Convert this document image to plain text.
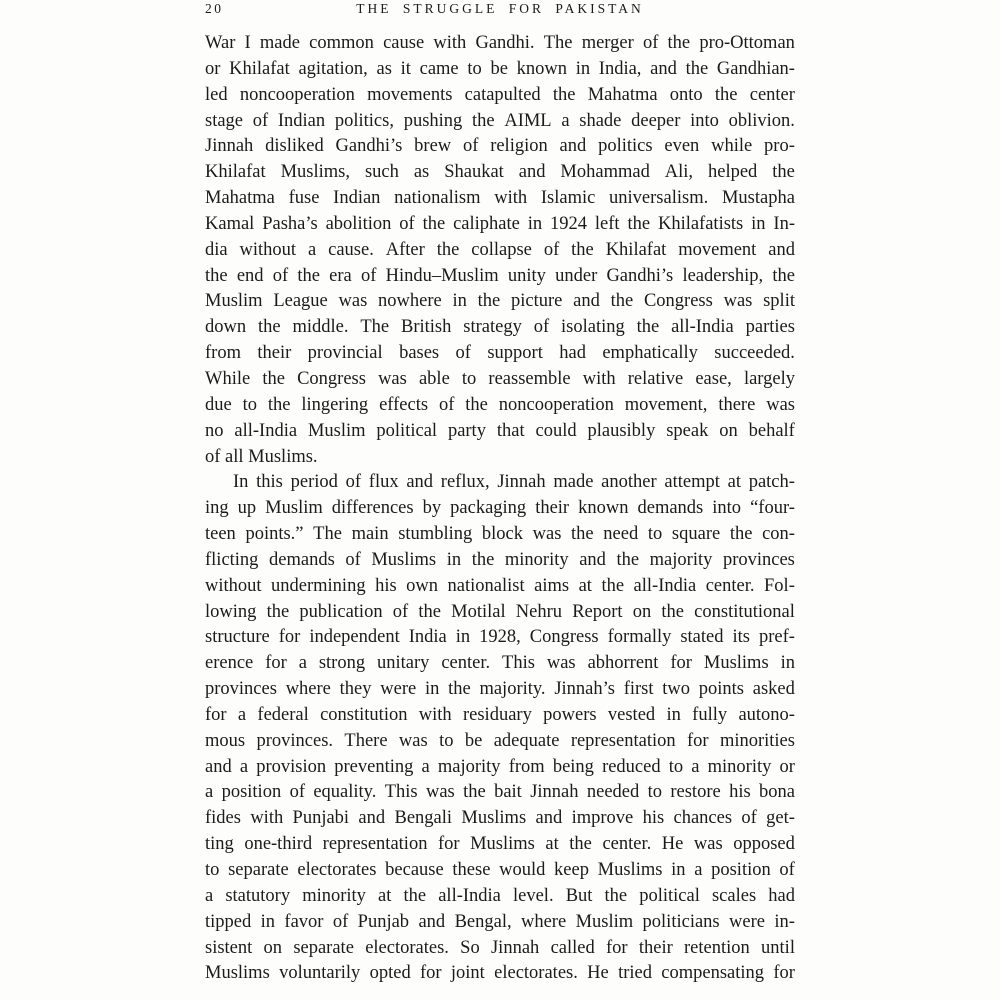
20	THE STRUGGLE FOR PAKISTAN
War I made common cause with Gandhi. The merger of the pro-Ottoman
or Khilafat agitation, as it came to be known in India, and the Gandhian-
led noncooperation movements catapulted the Mahatma onto the center
stage of Indian politics, pushing the AIML a shade deeper into oblivion.
Jinnah disliked Gandhi’s brew of religion and politics even while pro-
Khilafat Muslims, such as Shaukat and Mohammad Ali, helped the
Mahatma fuse Indian nationalism with Islamic universalism. Mustapha
Kamal Pasha’s abolition of the caliphate in 1924 left the Khilafatists in In-
dia without a cause. After the collapse of the Khilafat movement and
the end of the era of Hindu–Muslim unity under Gandhi’s leadership, the
Muslim League was nowhere in the picture and the Congress was split
down the middle. The British strategy of isolating the all-India parties
from their provincial bases of support had emphatically succeeded.
While the Congress was able to reassemble with relative ease, largely
due to the lingering effects of the noncooperation movement, there was
no all-India Muslim political party that could plausibly speak on behalf
of all Muslims.
In this period of flux and reflux, Jinnah made another attempt at patch-
ing up Muslim differences by packaging their known demands into “four-
teen points.” The main stumbling block was the need to square the con-
flicting demands of Muslims in the minority and the majority provinces
without undermining his own nationalist aims at the all-India center. Fol-
lowing the publication of the Motilal Nehru Report on the constitutional
structure for independent India in 1928, Congress formally stated its pref-
erence for a strong unitary center. This was abhorrent for Muslims in
provinces where they were in the majority. Jinnah’s first two points asked
for a federal constitution with residuary powers vested in fully autono-
mous provinces. There was to be adequate representation for minorities
and a provision preventing a majority from being reduced to a minority or
a position of equality. This was the bait Jinnah needed to restore his bona
fides with Punjabi and Bengali Muslims and improve his chances of get-
ting one-third representation for Muslims at the center. He was opposed
to separate electorates because these would keep Muslims in a position of
a statutory minority at the all-India level. But the political scales had
tipped in favor of Punjab and Bengal, where Muslim politicians were in-
sistent on separate electorates. So Jinnah called for their retention until
Muslims voluntarily opted for joint electorates. He tried compensating for
